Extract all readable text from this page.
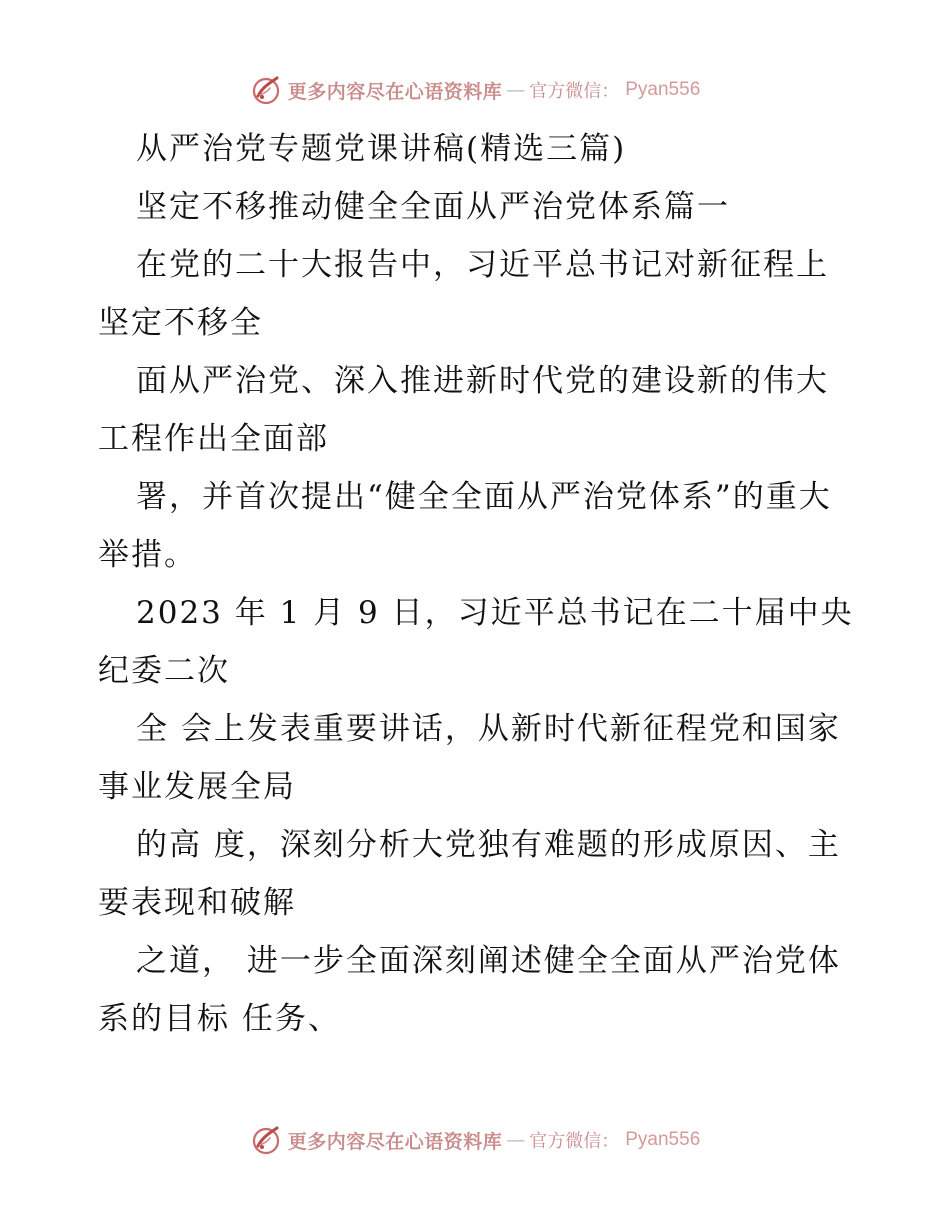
更多内容尽在心语资料库 — 官方微信： Pyan556

从严治党专题党课讲稿(精选三篇)

坚定不移推动健全全面从严治党体系篇一

在党的二十大报告中，习近平总书记对新征程上坚定不移全

面从严治党、深入推进新时代党的建设新的伟大工程作出全面部

署，并首次提出“健全全面从严治党体系”的重大举措。

2023 年 1 月 9 日，习近平总书记在二十届中央纪委二次

全 会上发表重要讲话，从新时代新征程党和国家事业发展全局

的高 度，深刻分析大党独有难题的形成原因、主要表现和破解

之道， 进一步全面深刻阐述健全全面从严治党体系的目标 任务、

更多内容尽在心语资料库 — 官方微信： Pyan556
